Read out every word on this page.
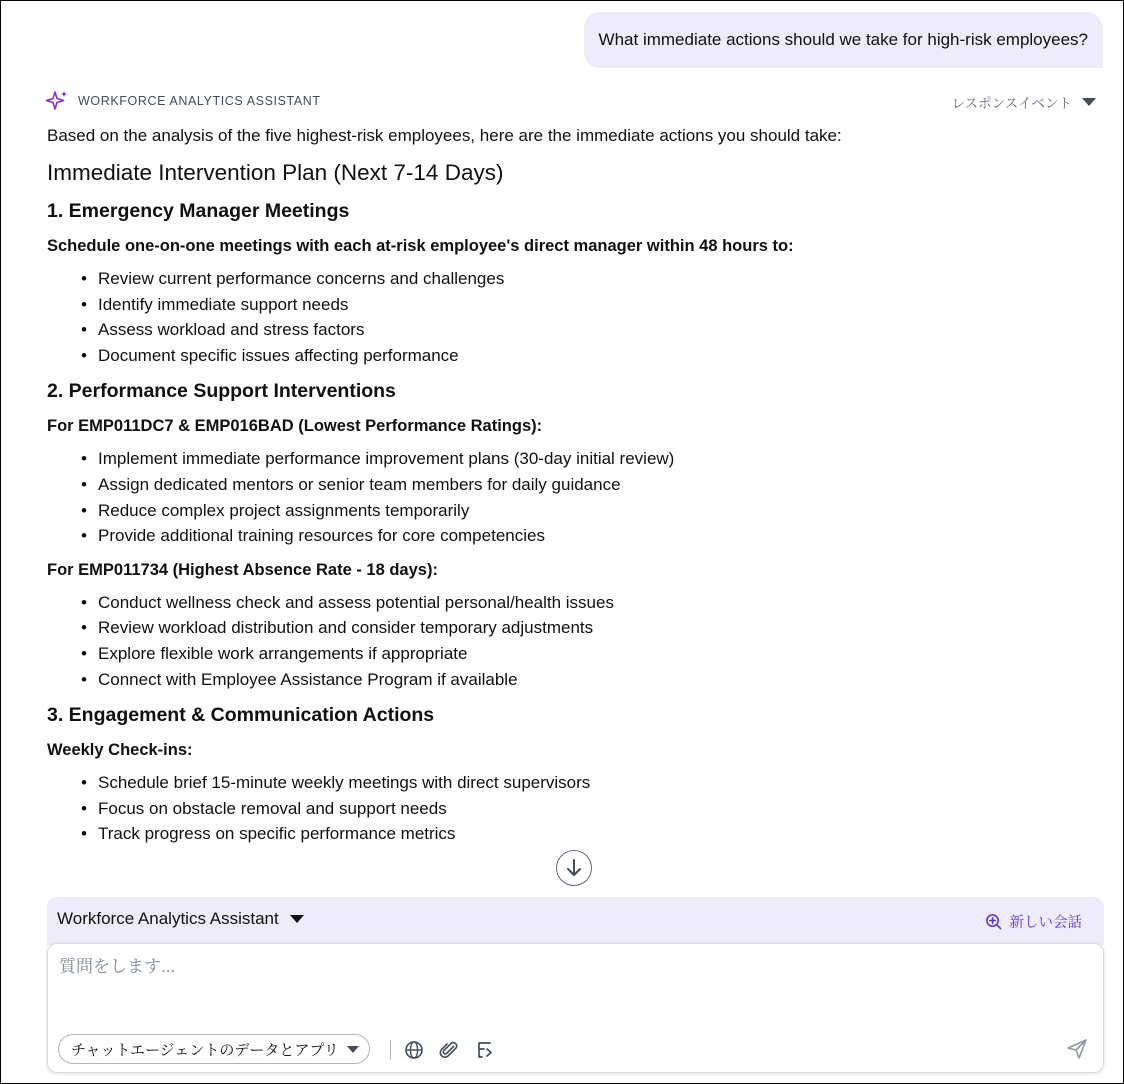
What immediate actions should we take for high-risk employees?
WORKFORCE ANALYTICS ASSISTANT	レスポンスイベント

Based on the analysis of the five highest-risk employees, here are the immediate actions you should take:

Immediate Intervention Plan (Next 7-14 Days)
1. Emergency Manager Meetings
Schedule one-on-one meetings with each at-risk employee's direct manager within 48 hours to:
• Review current performance concerns and challenges
• Identify immediate support needs
• Assess workload and stress factors
• Document specific issues affecting performance
2. Performance Support Interventions
For EMP011DC7 & EMP016BAD (Lowest Performance Ratings):
• Implement immediate performance improvement plans (30-day initial review)
• Assign dedicated mentors or senior team members for daily guidance
• Reduce complex project assignments temporarily
• Provide additional training resources for core competencies
For EMP011734 (Highest Absence Rate - 18 days):
• Conduct wellness check and assess potential personal/health issues
• Review workload distribution and consider temporary adjustments
• Explore flexible work arrangements if appropriate
• Connect with Employee Assistance Program if available
3. Engagement & Communication Actions
Weekly Check-ins:
• Schedule brief 15-minute weekly meetings with direct supervisors
• Focus on obstacle removal and support needs
• Track progress on specific performance metrics
Workforce Analytics Assistant	新しい会話
質問をします...
チャットエージェントのデータとアプリ
